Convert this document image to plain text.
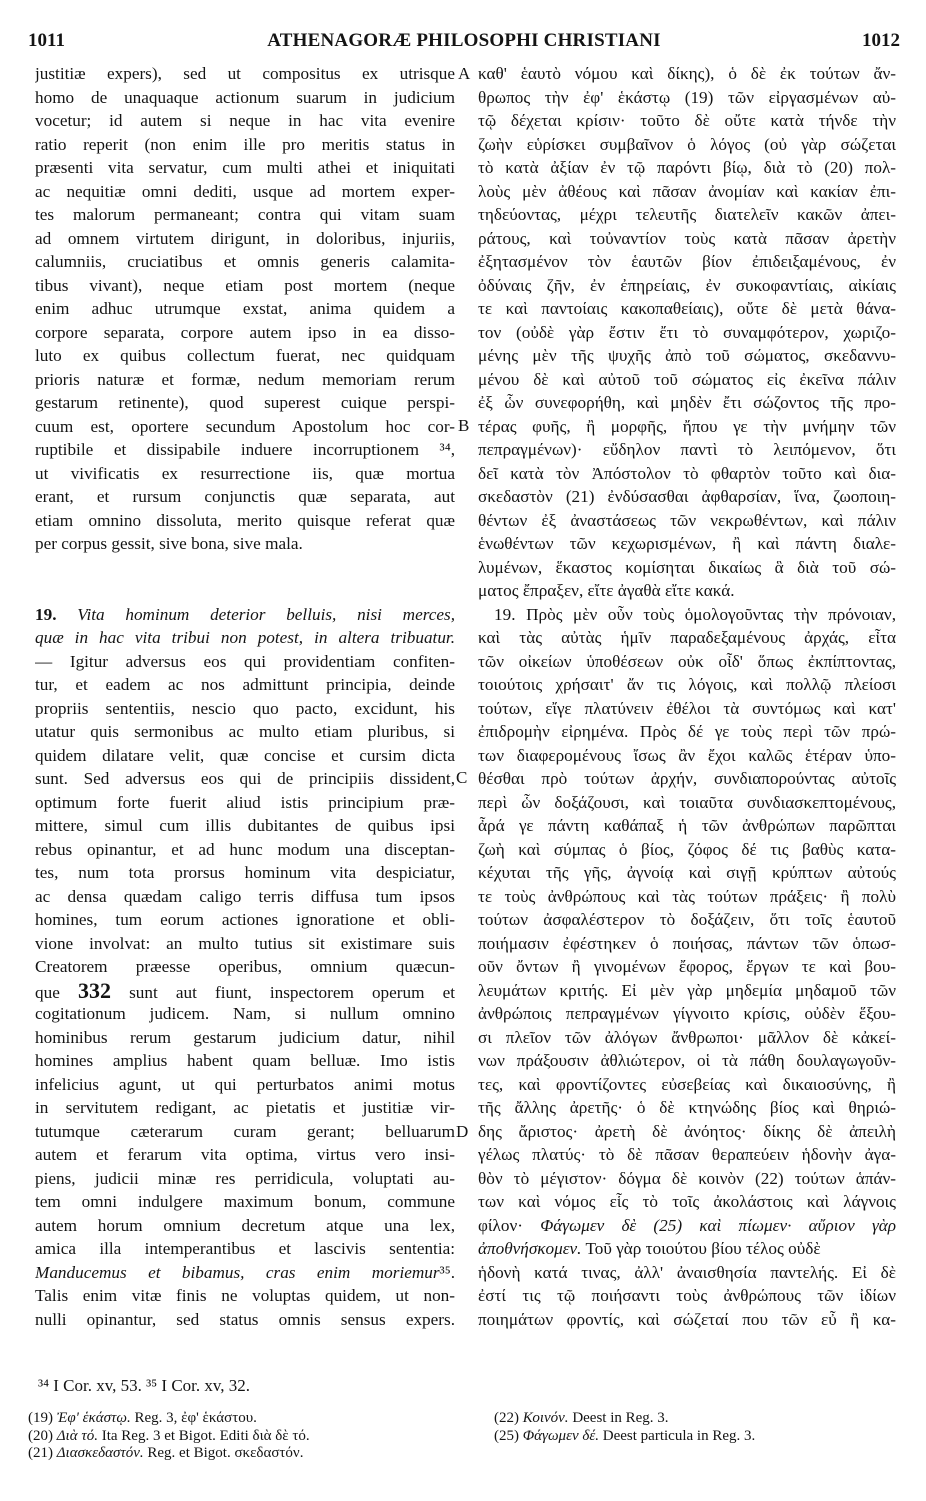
1011	ATHENAGORÆ PHILOSOPHI CHRISTIANI	1012
A
B
C
D
justitiæ expers), sed ut compositus ex utrisque
homo de unaquaque actionum suarum in judicium
vocetur; id autem si neque in hac vita evenire
ratio reperit (non enim ille pro meritis status in
præsenti vita servatur, cum multi athei et iniquitati
ac nequitiæ omni dediti, usque ad mortem exper-
tes malorum permaneant; contra qui vitam suam
ad omnem virtutem dirigunt, in doloribus, injuriis,
calumniis, cruciatibus et omnis generis calamita-
tibus vivant), neque etiam post mortem (neque
enim adhuc utrumque exstat, anima quidem a
corpore separata, corpore autem ipso in ea disso-
luto ex quibus collectum fuerat, nec quidquam
prioris naturæ et formæ, nedum memoriam rerum
gestarum retinente), quod superest cuique perspi-
cuum est, oportere secundum Apostolum hoc cor-
ruptibile et dissipabile induere incorruptionem ³⁴,
ut vivificatis ex resurrectione iis, quæ mortua
erant, et rursum conjunctis quæ separata, aut
etiam omnino dissoluta, merito quisque referat quæ
per corpus gessit, sive bona, sive mala.
19. Vita hominum deterior belluis, nisi merces,
quæ in hac vita tribui non potest, in altera tribuatur.
— Igitur adversus eos qui providentiam confiten-
tur, et eadem ac nos admittunt principia, deinde
propriis sententiis, nescio quo pacto, excidunt, his
utatur quis sermonibus ac multo etiam pluribus, si
quidem dilatare velit, quæ concise et cursim dicta
sunt. Sed adversus eos qui de principiis dissident,
optimum forte fuerit aliud istis principium præ-
mittere, simul cum illis dubitantes de quibus ipsi
rebus opinantur, et ad hunc modum una disceptan-
tes, num tota prorsus hominum vita despiciatur,
ac densa quædam caligo terris diffusa tum ipsos
homines, tum eorum actiones ignoratione et obli-
vione involvat: an multo tutius sit existimare suis
Creatorem præesse operibus, omnium quæcun-
que 332 sunt aut fiunt, inspectorem operum et
cogitationum judicem. Nam, si nullum omnino
hominibus rerum gestarum judicium datur, nihil
homines amplius habent quam belluæ. Imo istis
infelicius agunt, ut qui perturbatos animi motus
in servitutem redigant, ac pietatis et justitiæ vir-
tutumque cæterarum curam gerant; belluarum
autem et ferarum vita optima, virtus vero insi-
piens, judicii minæ res perridicula, voluptati au-
tem omni indulgere maximum bonum, commune
autem horum omnium decretum atque una lex,
amica illa intemperantibus et lascivis sententia:
Manducemus et bibamus, cras enim moriemur³⁵.
Talis enim vitæ finis ne voluptas quidem, ut non-
nulli opinantur, sed status omnis sensus expers.
καθ' ἑαυτὸ νόμου καὶ δίκης), ὁ δὲ ἐκ τούτων ἄν-
θρωπος τὴν ἐφ' ἑκάστῳ (19) τῶν εἰργασμένων αὐ-
τῷ δέχεται κρίσιν· τοῦτο δὲ οὔτε κατὰ τήνδε τὴν
ζωὴν εὑρίσκει συμβαῖνον ὁ λόγος (οὐ γὰρ σώζεται
τὸ κατὰ ἀξίαν ἐν τῷ παρόντι βίῳ, διὰ τὸ (20) πολ-
λοὺς μὲν ἀθέους καὶ πᾶσαν ἀνομίαν καὶ κακίαν ἐπι-
τηδεύοντας, μέχρι τελευτῆς διατελεῖν κακῶν ἀπει-
ράτους, καὶ τοὐναντίον τοὺς κατὰ πᾶσαν ἀρετὴν
ἐξητασμένον τὸν ἑαυτῶν βίον ἐπιδειξαμένους, ἐν
ὀδύναις ζῆν, ἐν ἐπηρείαις, ἐν συκοφαντίαις, αἰκίαις
τε καὶ παντοίαις κακοπαθείαις), οὔτε δὲ μετὰ θάνα-
τον (οὐδὲ γὰρ ἔστιν ἔτι τὸ συναμφότερον, χωριζο-
μένης μὲν τῆς ψυχῆς ἀπὸ τοῦ σώματος, σκεδαννυ-
μένου δὲ καὶ αὐτοῦ τοῦ σώματος εἰς ἐκεῖνα πάλιν
ἐξ ὧν συνεφορήθη, καὶ μηδὲν ἔτι σώζοντος τῆς προ-
τέρας φυῆς, ἢ μορφῆς, ἤπου γε τὴν μνήμην τῶν
πεπραγμένων)· εὔδηλον παντὶ τὸ λειπόμενον, ὅτι
δεῖ κατὰ τὸν Ἀπόστολον τὸ φθαρτὸν τοῦτο καὶ δια-
σκεδαστὸν (21) ἐνδύσασθαι ἀφθαρσίαν, ἵνα, ζωοποιη-
θέντων ἐξ ἀναστάσεως τῶν νεκρωθέντων, καὶ πάλιν
ἑνωθέντων τῶν κεχωρισμένων, ἢ καὶ πάντη διαλε-
λυμένων, ἕκαστος κομίσηται δικαίως ἃ διὰ τοῦ σώ-
ματος ἔπραξεν, εἴτε ἀγαθὰ εἴτε κακά.
19. Πρὸς μὲν οὖν τοὺς ὁμολογοῦντας τὴν πρόνοιαν,
καὶ τὰς αὐτὰς ἡμῖν παραδεξαμένους ἀρχάς, εἶτα
τῶν οἰκείων ὑποθέσεων οὐκ οἶδ' ὅπως ἐκπίπτοντας,
τοιούτοις χρήσαιτ' ἄν τις λόγοις, καὶ πολλῷ πλείοσι
τούτων, εἴγε πλατύνειν ἐθέλοι τὰ συντόμως καὶ κατ'
ἐπιδρομὴν εἰρημένα. Πρὸς δέ γε τοὺς περὶ τῶν πρώ-
των διαφερομένους ἴσως ἂν ἔχοι καλῶς ἑτέραν ὑπο-
θέσθαι πρὸ τούτων ἀρχήν, συνδιαπορούντας αὐτοῖς
περὶ ὧν δοξάζουσι, καὶ τοιαῦτα συνδιασκεπτομένους,
ἆρά γε πάντη καθάπαξ ἡ τῶν ἀνθρώπων παρῶπται
ζωὴ καὶ σύμπας ὁ βίος, ζόφος δέ τις βαθὺς κατα-
κέχυται τῆς γῆς, ἀγνοίᾳ καὶ σιγῇ κρύπτων αὐτούς
τε τοὺς ἀνθρώπους καὶ τὰς τούτων πράξεις· ἢ πολὺ
τούτων ἀσφαλέστερον τὸ δοξάζειν, ὅτι τοῖς ἑαυτοῦ
ποιήμασιν ἐφέστηκεν ὁ ποιήσας, πάντων τῶν ὁπωσ-
οῦν ὄντων ἢ γινομένων ἔφορος, ἔργων τε καὶ βου-
λευμάτων κριτής. Εἰ μὲν γὰρ μηδεμία μηδαμοῦ τῶν
ἀνθρώποις πεπραγμένων γίγνοιτο κρίσις, οὐδὲν ἕξου-
σι πλεῖον τῶν ἀλόγων ἄνθρωποι· μᾶλλον δὲ κἀκεί-
νων πράξουσιν ἀθλιώτερον, οἱ τὰ πάθη δουλαγωγοῦν-
τες, καὶ φροντίζοντες εὐσεβείας καὶ δικαιοσύνης, ἢ
τῆς ἄλλης ἀρετῆς· ὁ δὲ κτηνώδης βίος καὶ θηριώ-
δης ἄριστος· ἀρετὴ δὲ ἀνόητος· δίκης δὲ ἀπειλὴ
γέλως πλατύς· τὸ δὲ πᾶσαν θεραπεύειν ἡδονὴν ἀγα-
θὸν τὸ μέγιστον· δόγμα δὲ κοινὸν (22) τούτων ἁπάν-
των καὶ νόμος εἷς τὸ τοῖς ἀκολάστοις καὶ λάγνοις
φίλον· Φάγωμεν δὲ (25) καὶ πίωμεν· αὔριον γὰρ
ἀποθνήσκομεν. Τοῦ γὰρ τοιούτου βίου τέλος οὐδὲ
ἡδονὴ κατά τινας, ἀλλ' ἀναισθησία παντελής. Εἰ δὲ
ἐστί τις τῷ ποιήσαντι τοὺς ἀνθρώπους τῶν ἰδίων
ποιημάτων φροντίς, καὶ σώζεταί που τῶν εὖ ἢ κα-
³⁴ I Cor. xv, 53. ³⁵ I Cor. xv, 32.
(19) Ἐφ' ἑκάστῳ. Reg. 3, ἐφ' ἑκάστου.
(20) Διὰ τό. Ita Reg. 3 et Bigot. Editi διὰ δὲ τό.
(21) Διασκεδαστόν. Reg. et Bigot. σκεδαστόν.
(22) Κοινόν. Deest in Reg. 3.
(25) Φάγωμεν δέ. Deest particula in Reg. 3.
